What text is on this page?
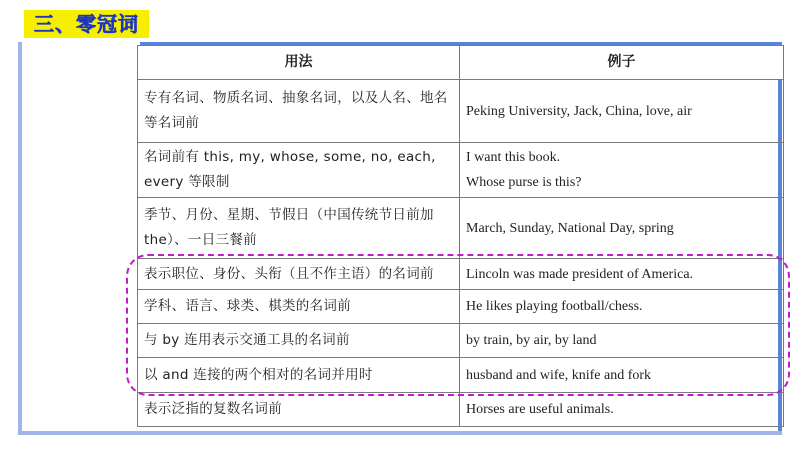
三、零冠词
用法	例子
专有名词、物质名词、抽象名词，以及人名、地名等名词前	Peking University, Jack, China, love, air

名词前有 this, my, whose, some, no, each, every 等限制	I want this book.
Whose purse is this?

季节、月份、星期、节假日（中国传统节日前加 the）、一日三餐前	March, Sunday, National Day, spring

表示职位、身份、头衔（且不作主语）的名词前	Lincoln was made president of America.

学科、语言、球类、棋类的名词前	He likes playing football/chess.

与 by 连用表示交通工具的名词前	by train, by air, by land

以 and 连接的两个相对的名词并用时	husband and wife, knife and fork

表示泛指的复数名词前	Horses are useful animals.
